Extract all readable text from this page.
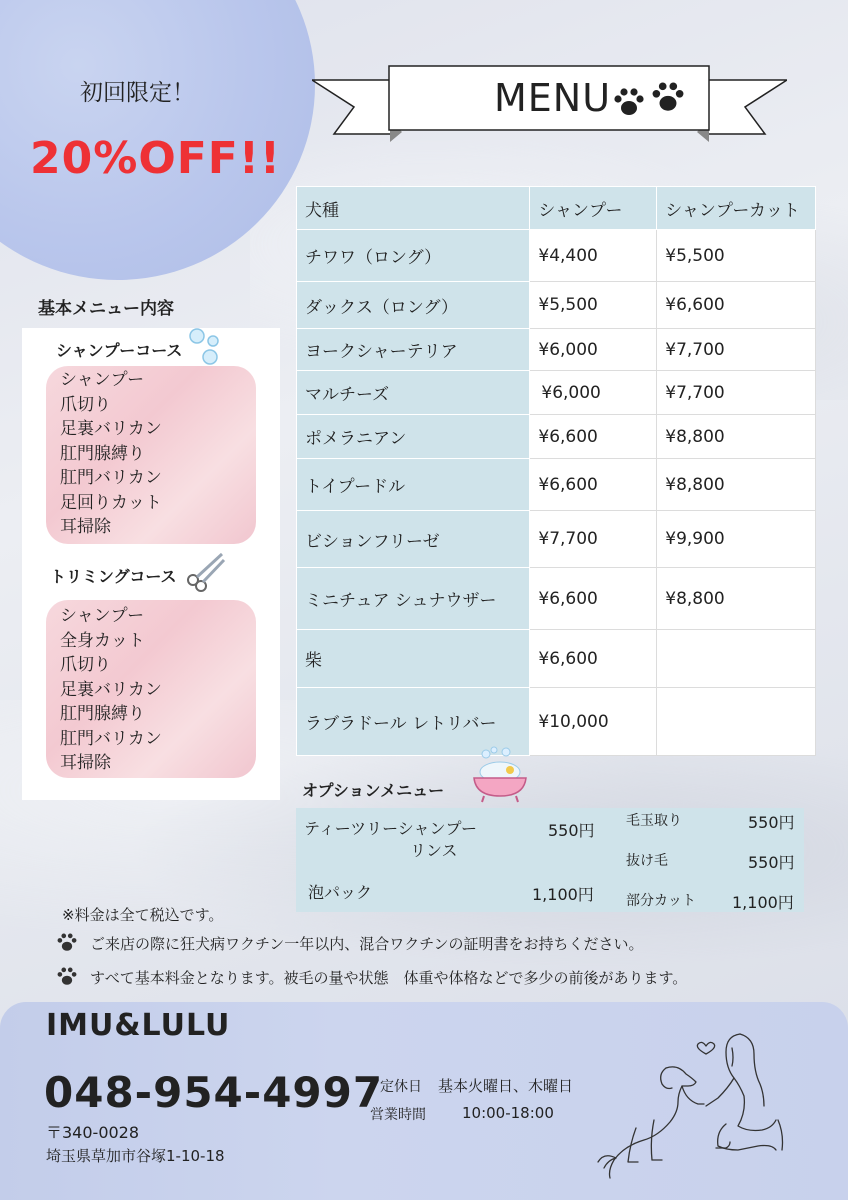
初回限定！
20%OFF!!
MENU
犬種	シャンプー	シャンプーカット
チワワ（ロング）	¥4,400	¥5,500
ダックス（ロング）	¥5,500	¥6,600
ヨークシャーテリア	¥6,000	¥7,700
マルチーズ	¥6,000	¥7,700
ポメラニアン	¥6,600	¥8,800
トイプードル	¥6,600	¥8,800
ビションフリーゼ	¥7,700	¥9,900
ミニチュア シュナウザー	¥6,600	¥8,800
柴	¥6,600	
ラブラドール レトリバー	¥10,000	
基本メニュー内容
シャンプーコース
シャンプー
爪切り
足裏バリカン
肛門腺縛り
肛門バリカン
足回りカット
耳掃除
トリミングコース
シャンプー
全身カット
爪切り
足裏バリカン
肛門腺縛り
肛門バリカン
耳掃除
オプションメニュー
ティーツリーシャンプー
リンス
550円
泡パック	1,100円
毛玉取り	550円
抜け毛	550円
部分カット 1,100円
※料金は全て税込です。
ご来店の際に狂犬病ワクチン一年以内、混合ワクチンの証明書をお持ちください。
すべて基本料金となります。被毛の量や状態　体重や体格などで多少の前後があります。
IMU&LULU
048-954-4997
〒340-0028
埼玉県草加市谷塚1-10-18
定休日 基本火曜日、木曜日
営業時間 10:00-18:00
